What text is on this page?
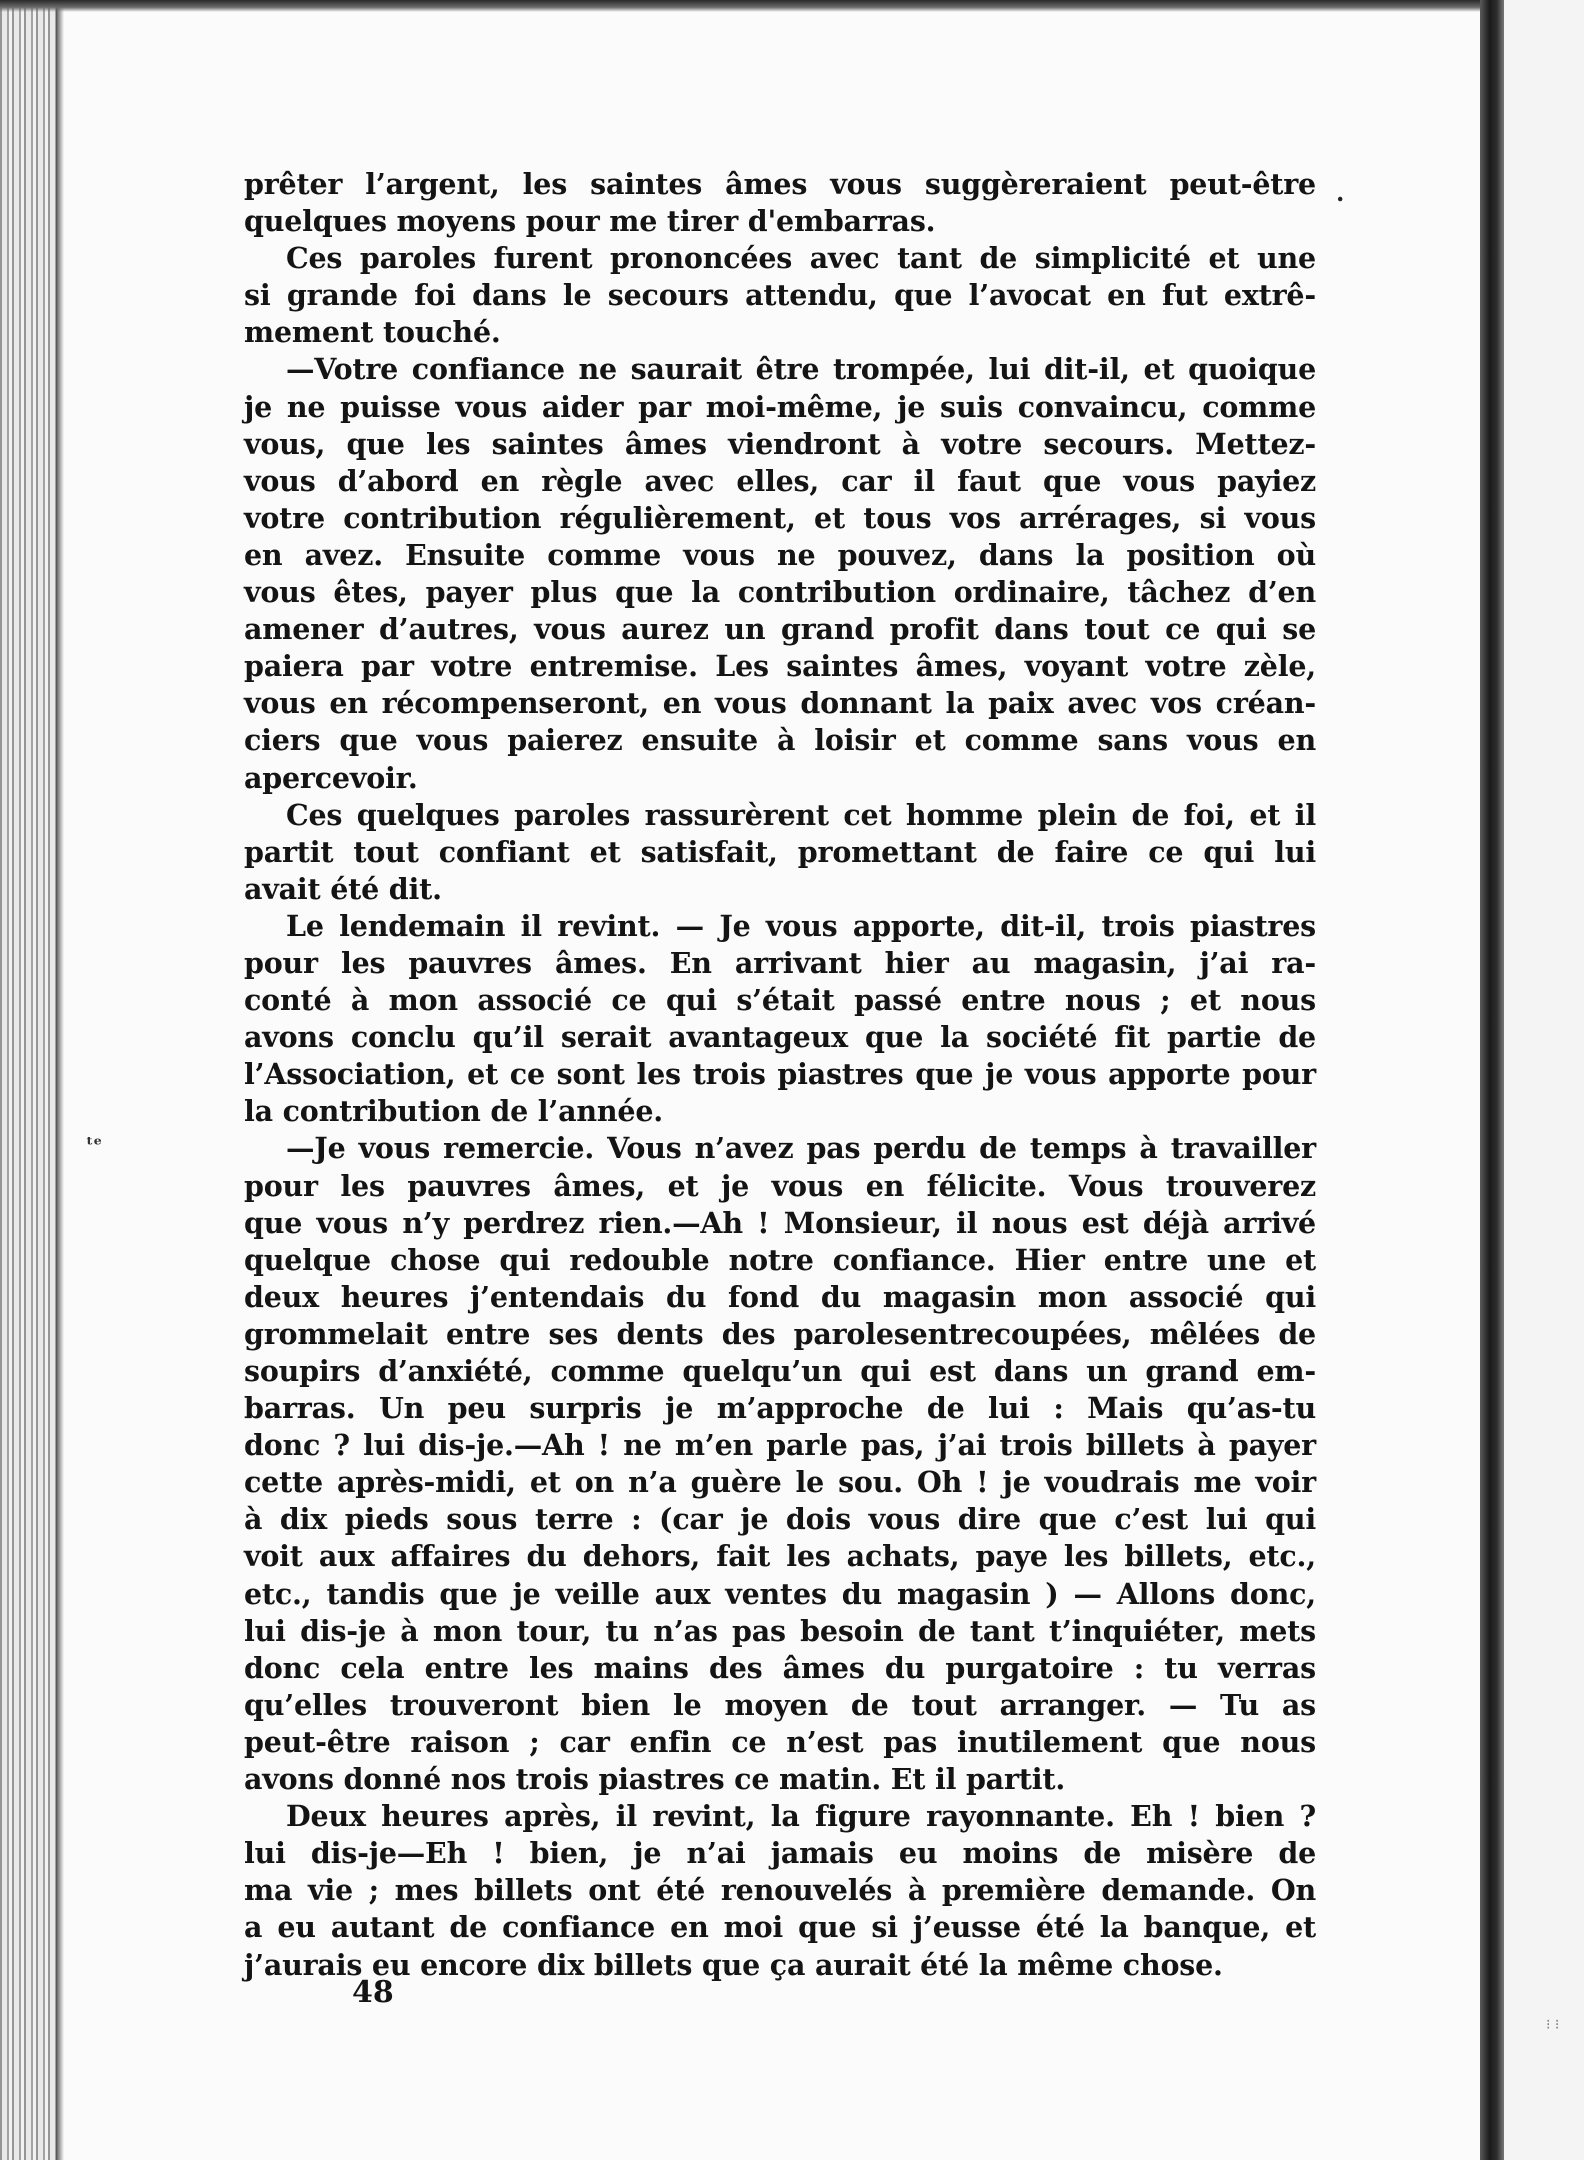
prêter l’argent, les saintes âmes vous suggèreraient peut-être
quelques moyens pour me tirer d'embarras.
Ces paroles furent prononcées avec tant de simplicité et une
si grande foi dans le secours attendu, que l’avocat en fut extrê-
mement touché.
—Votre confiance ne saurait être trompée, lui dit-il, et quoique
je ne puisse vous aider par moi-même, je suis convaincu, comme
vous, que les saintes âmes viendront à votre secours. Mettez-
vous d’abord en règle avec elles, car il faut que vous payiez
votre contribution régulièrement, et tous vos arrérages, si vous
en avez. Ensuite comme vous ne pouvez, dans la position où
vous êtes, payer plus que la contribution ordinaire, tâchez d’en
amener d’autres, vous aurez un grand profit dans tout ce qui se
paiera par votre entremise. Les saintes âmes, voyant votre zèle,
vous en récompenseront, en vous donnant la paix avec vos créan-
ciers que vous paierez ensuite à loisir et comme sans vous en
apercevoir.
Ces quelques paroles rassurèrent cet homme plein de foi, et il
partit tout confiant et satisfait, promettant de faire ce qui lui
avait été dit.
Le lendemain il revint. — Je vous apporte, dit-il, trois piastres
pour les pauvres âmes. En arrivant hier au magasin, j’ai ra-
conté à mon associé ce qui s’était passé entre nous ; et nous
avons conclu qu’il serait avantageux que la société fit partie de
l’Association, et ce sont les trois piastres que je vous apporte pour
la contribution de l’année.
—Je vous remercie. Vous n’avez pas perdu de temps à travailler
pour les pauvres âmes, et je vous en félicite. Vous trouverez
que vous n’y perdrez rien.—Ah ! Monsieur, il nous est déjà arrivé
quelque chose qui redouble notre confiance. Hier entre une et
deux heures j’entendais du fond du magasin mon associé qui
grommelait entre ses dents des parolesentrecoupées, mêlées de
soupirs d’anxiété, comme quelqu’un qui est dans un grand em-
barras. Un peu surpris je m’approche de lui : Mais qu’as-tu
donc ? lui dis-je.—Ah ! ne m’en parle pas, j’ai trois billets à payer
cette après-midi, et on n’a guère le sou. Oh ! je voudrais me voir
à dix pieds sous terre : (car je dois vous dire que c’est lui qui
voit aux affaires du dehors, fait les achats, paye les billets, etc.,
etc., tandis que je veille aux ventes du magasin ) — Allons donc,
lui dis-je à mon tour, tu n’as pas besoin de tant t’inquiéter, mets
donc cela entre les mains des âmes du purgatoire : tu verras
qu’elles trouveront bien le moyen de tout arranger. — Tu as
peut-être raison ; car enfin ce n’est pas inutilement que nous
avons donné nos trois piastres ce matin. Et il partit.
Deux heures après, il revint, la figure rayonnante. Eh ! bien ?
lui dis-je—Eh ! bien, je n’ai jamais eu moins de misère de
ma vie ; mes billets ont été renouvelés à première demande. On
a eu autant de confiance en moi que si j’eusse été la banque, et
j’aurais eu encore dix billets que ça aurait été la même chose.
48
ᵗᵉ
.
⁝ ⁝
